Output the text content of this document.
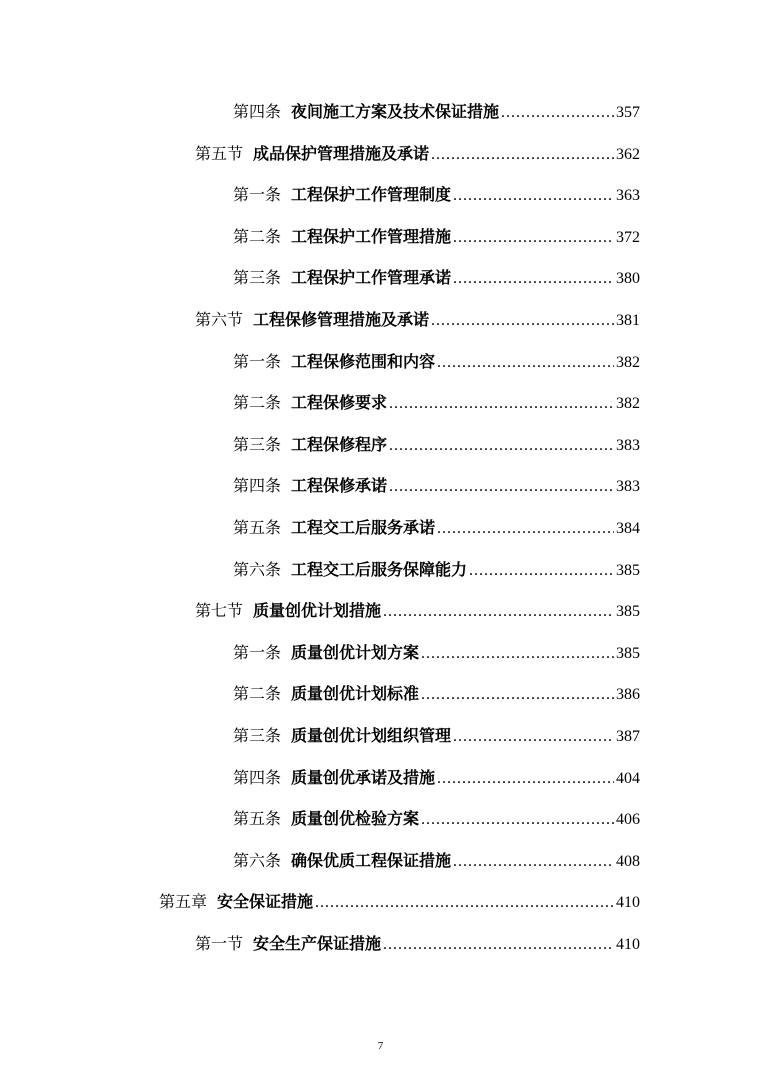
第四条 夜间施工方案及技术保证措施 .....	357
第五节 成品保护管理措施及承诺 .....	362
第一条 工程保护工作管理制度 .....	363
第二条 工程保护工作管理措施 .....	372
第三条 工程保护工作管理承诺 .....	380
第六节 工程保修管理措施及承诺 .....	381
第一条 工程保修范围和内容 .....	382
第二条 工程保修要求 .....	382
第三条 工程保修程序 .....	383
第四条 工程保修承诺 .....	383
第五条 工程交工后服务承诺 .....	384
第六条 工程交工后服务保障能力 .....	385
第七节 质量创优计划措施 .....	385
第一条 质量创优计划方案 .....	385
第二条 质量创优计划标准 .....	386
第三条 质量创优计划组织管理 .....	387
第四条 质量创优承诺及措施 .....	404
第五条 质量创优检验方案 .....	406
第六条 确保优质工程保证措施 .....	408
第五章 安全保证措施 .....	410
第一节 安全生产保证措施 .....	410
7
